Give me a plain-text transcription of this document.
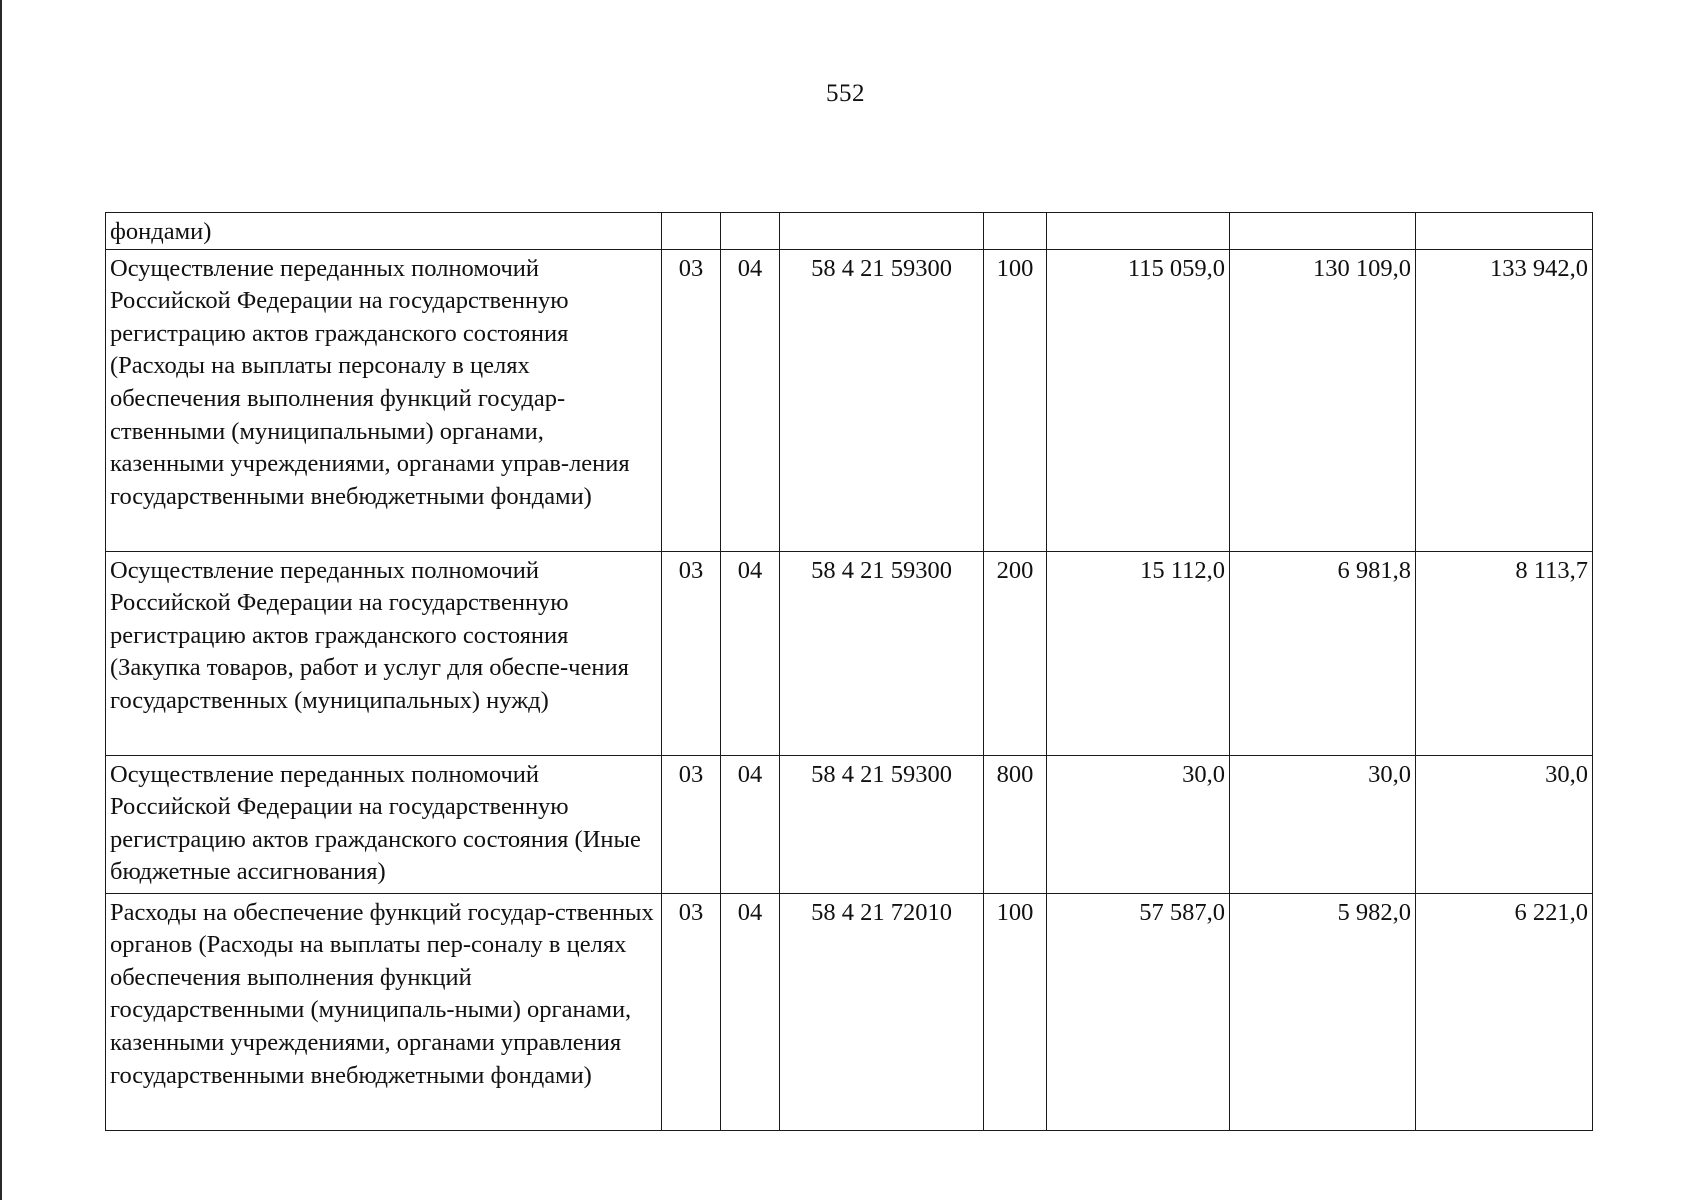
552
фондами)							
Осуществление переданных полномочий Российской Федерации на государственную регистрацию актов гражданского состояния (Расходы на выплаты персоналу в целях обеспечения выполнения функций государ-ственными (муниципальными) органами, казенными учреждениями, органами управ-ления государственными внебюджетными фондами)	03	04	58 4 21 59300	100	115 059,0	130 109,0	133 942,0
Осуществление переданных полномочий Российской Федерации на государственную регистрацию актов гражданского состояния (Закупка товаров, работ и услуг для обеспе-чения государственных (муниципальных) нужд)	03	04	58 4 21 59300	200	15 112,0	6 981,8	8 113,7
Осуществление переданных полномочий Российской Федерации на государственную регистрацию актов гражданского состояния (Иные бюджетные ассигнования)	03	04	58 4 21 59300	800	30,0	30,0	30,0
Расходы на обеспечение функций государ-ственных органов (Расходы на выплаты пер-соналу в целях обеспечения выполнения функций государственными (муниципаль-ными) органами, казенными учреждениями, органами управления государственными внебюджетными фондами)	03	04	58 4 21 72010	100	57 587,0	5 982,0	6 221,0
